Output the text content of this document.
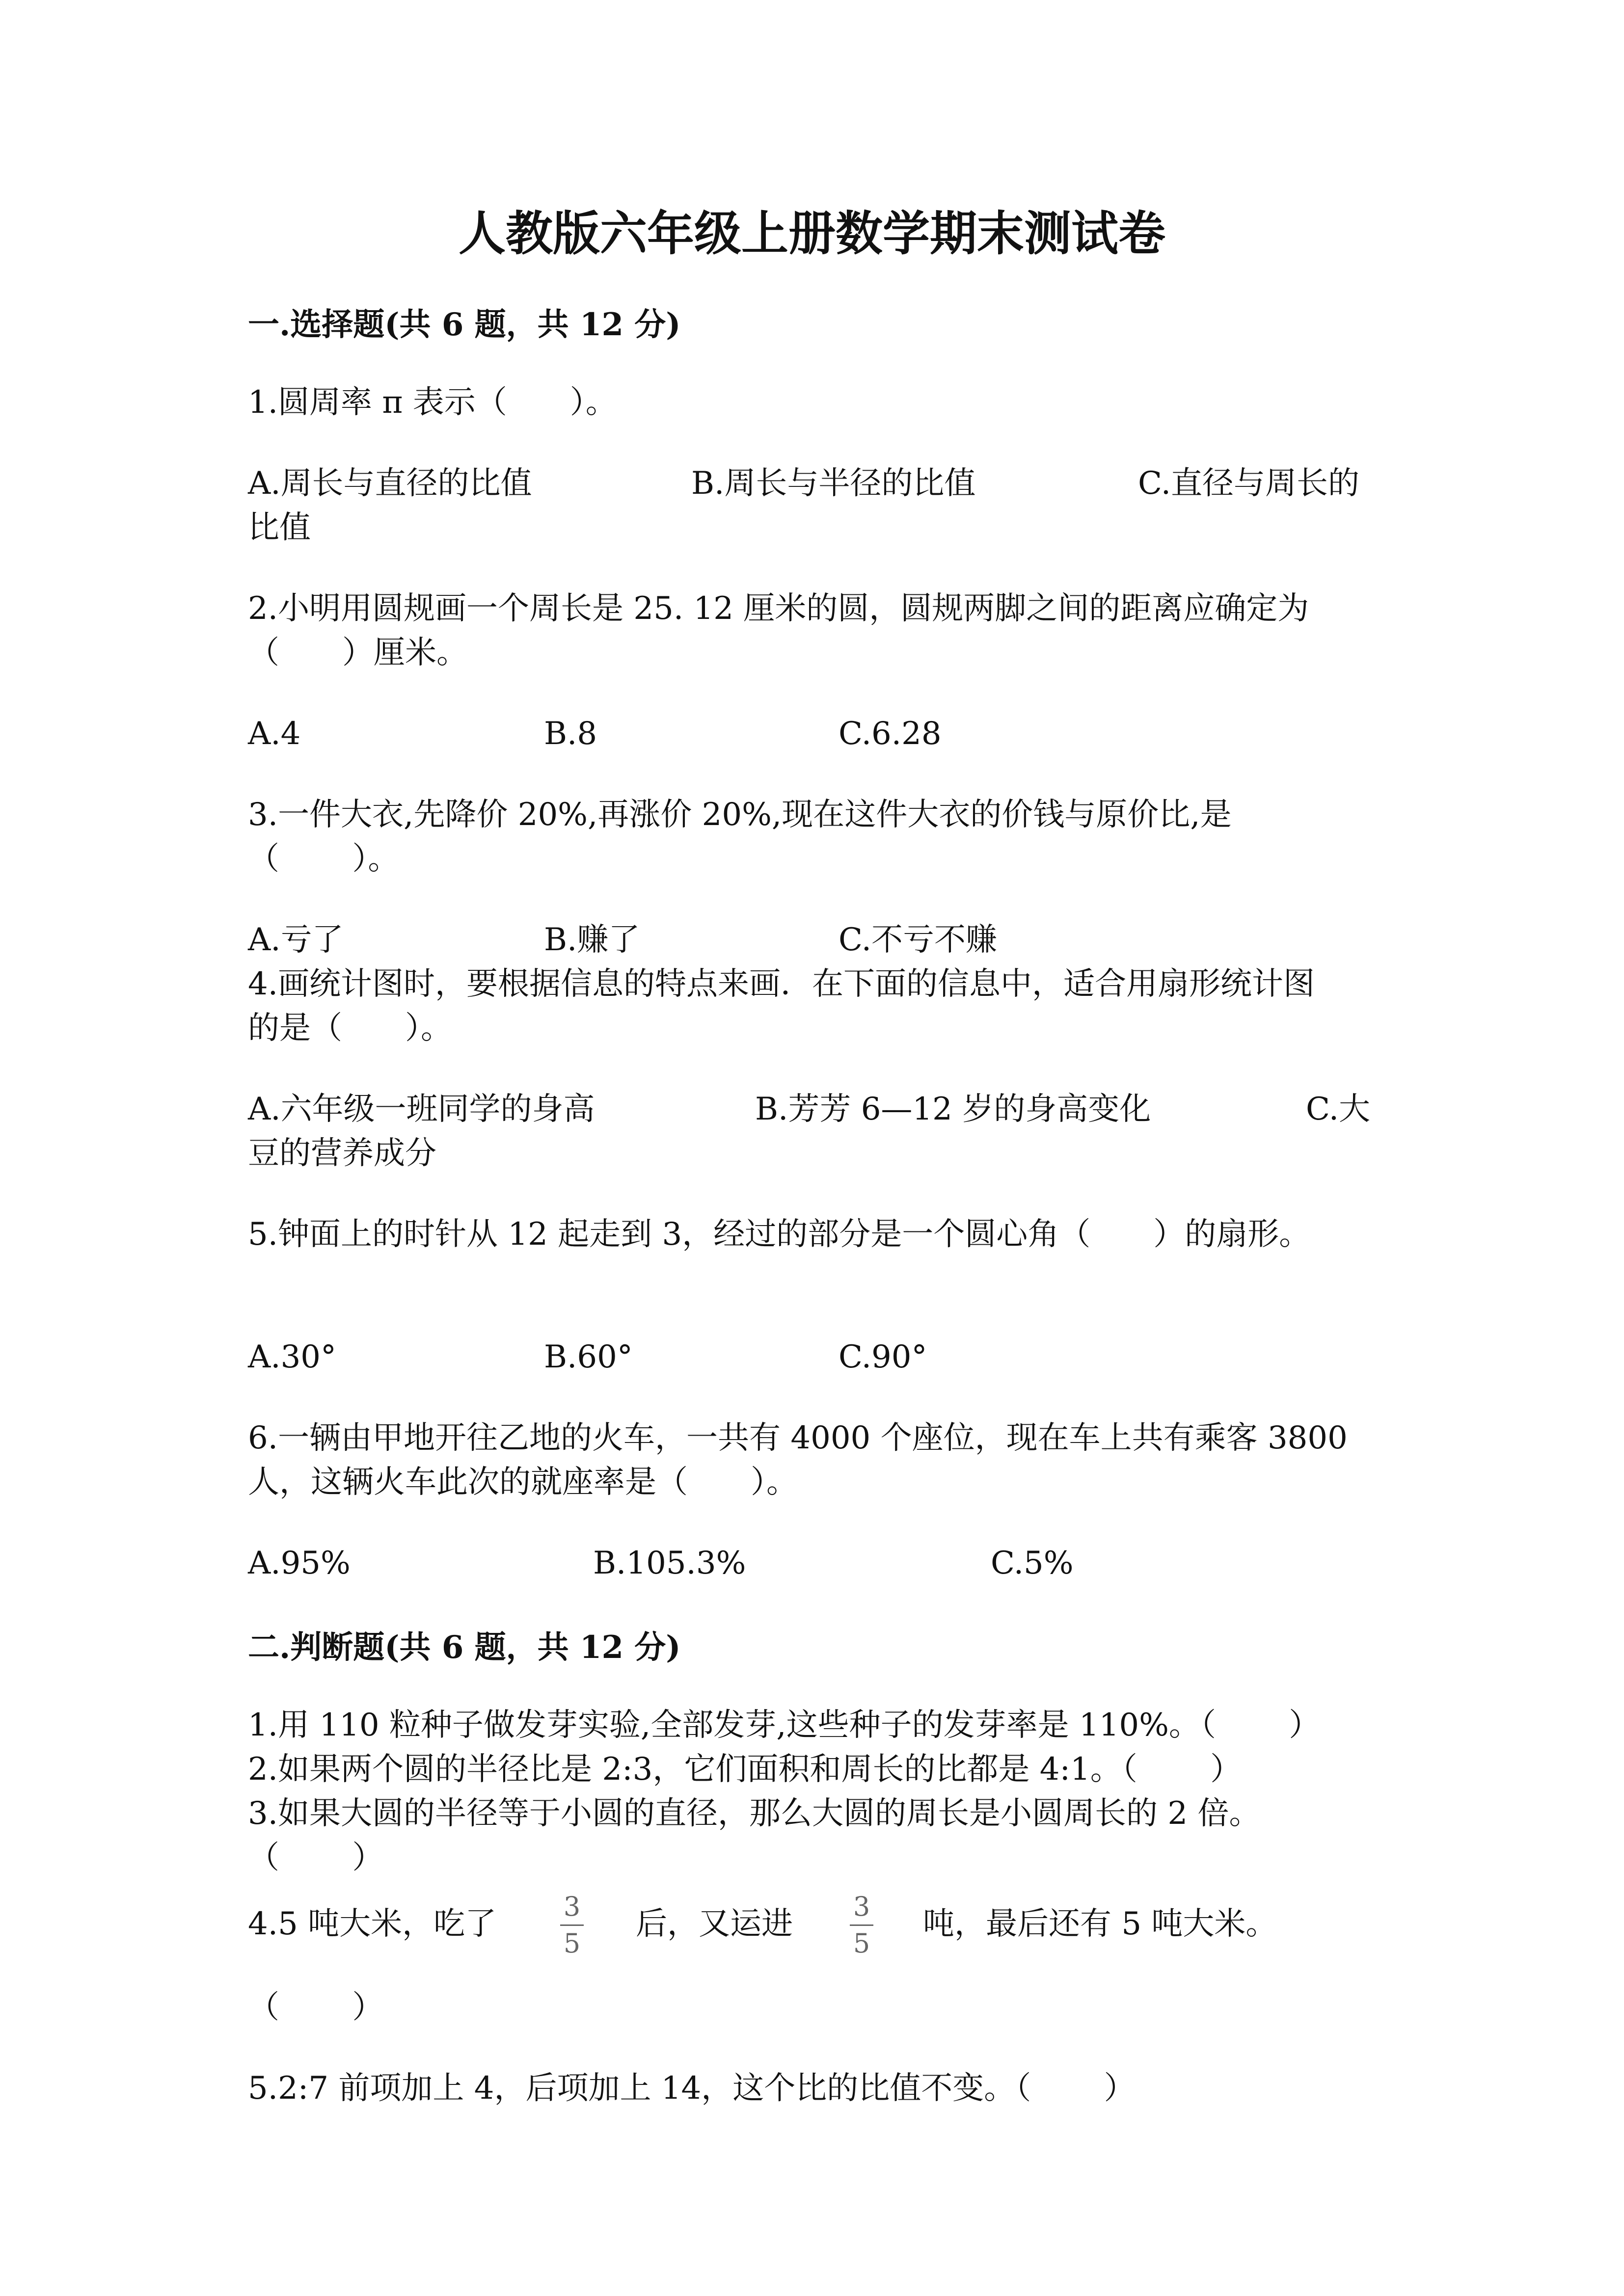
人教版六年级上册数学期末测试卷
一.选择题(共 6 题，共 12 分)
1.圆周率 π 表示（　　）。
A.周长与直径的比值	B.周长与半径的比值	C.直径与周长的
比值
2.小明用圆规画一个周长是 25. 12 厘米的圆，圆规两脚之间的距离应确定为
（　　）厘米。
A.4	B.8	C.6.28
3.一件大衣,先降价 20%,再涨价 20%,现在这件大衣的价钱与原价比,是
（　　 ）。
A.亏了	B.赚了	C.不亏不赚
4.画统计图时，要根据信息的特点来画．在下面的信息中，适合用扇形统计图
的是（　　）。
A.六年级一班同学的身高	B.芳芳 6—12 岁的身高变化	C.大
豆的营养成分
5.钟面上的时针从 12 起走到 3，经过的部分是一个圆心角（　　）的扇形。
A.30°	B.60°	C.90°
6.一辆由甲地开往乙地的火车，一共有 4000 个座位，现在车上共有乘客 3800
人，这辆火车此次的就座率是（　　）。
A.95%	B.105.3%	C.5%
二.判断题(共 6 题，共 12 分)
1.用 110 粒种子做发芽实验,全部发芽,这些种子的发芽率是 110%。（　　 ）
2.如果两个圆的半径比是 2:3，它们面积和周长的比都是 4:1。（　　 ）
3.如果大圆的半径等于小圆的直径，那么大圆的周长是小圆周长的 2 倍。
（　　 ）
4.5 吨大米，吃了	3
5
后，又运进 3
5
吨，最后还有 5 吨大米。
（　　 ）
5.2:7 前项加上 4，后项加上 14，这个比的比值不变。（　　 ）
